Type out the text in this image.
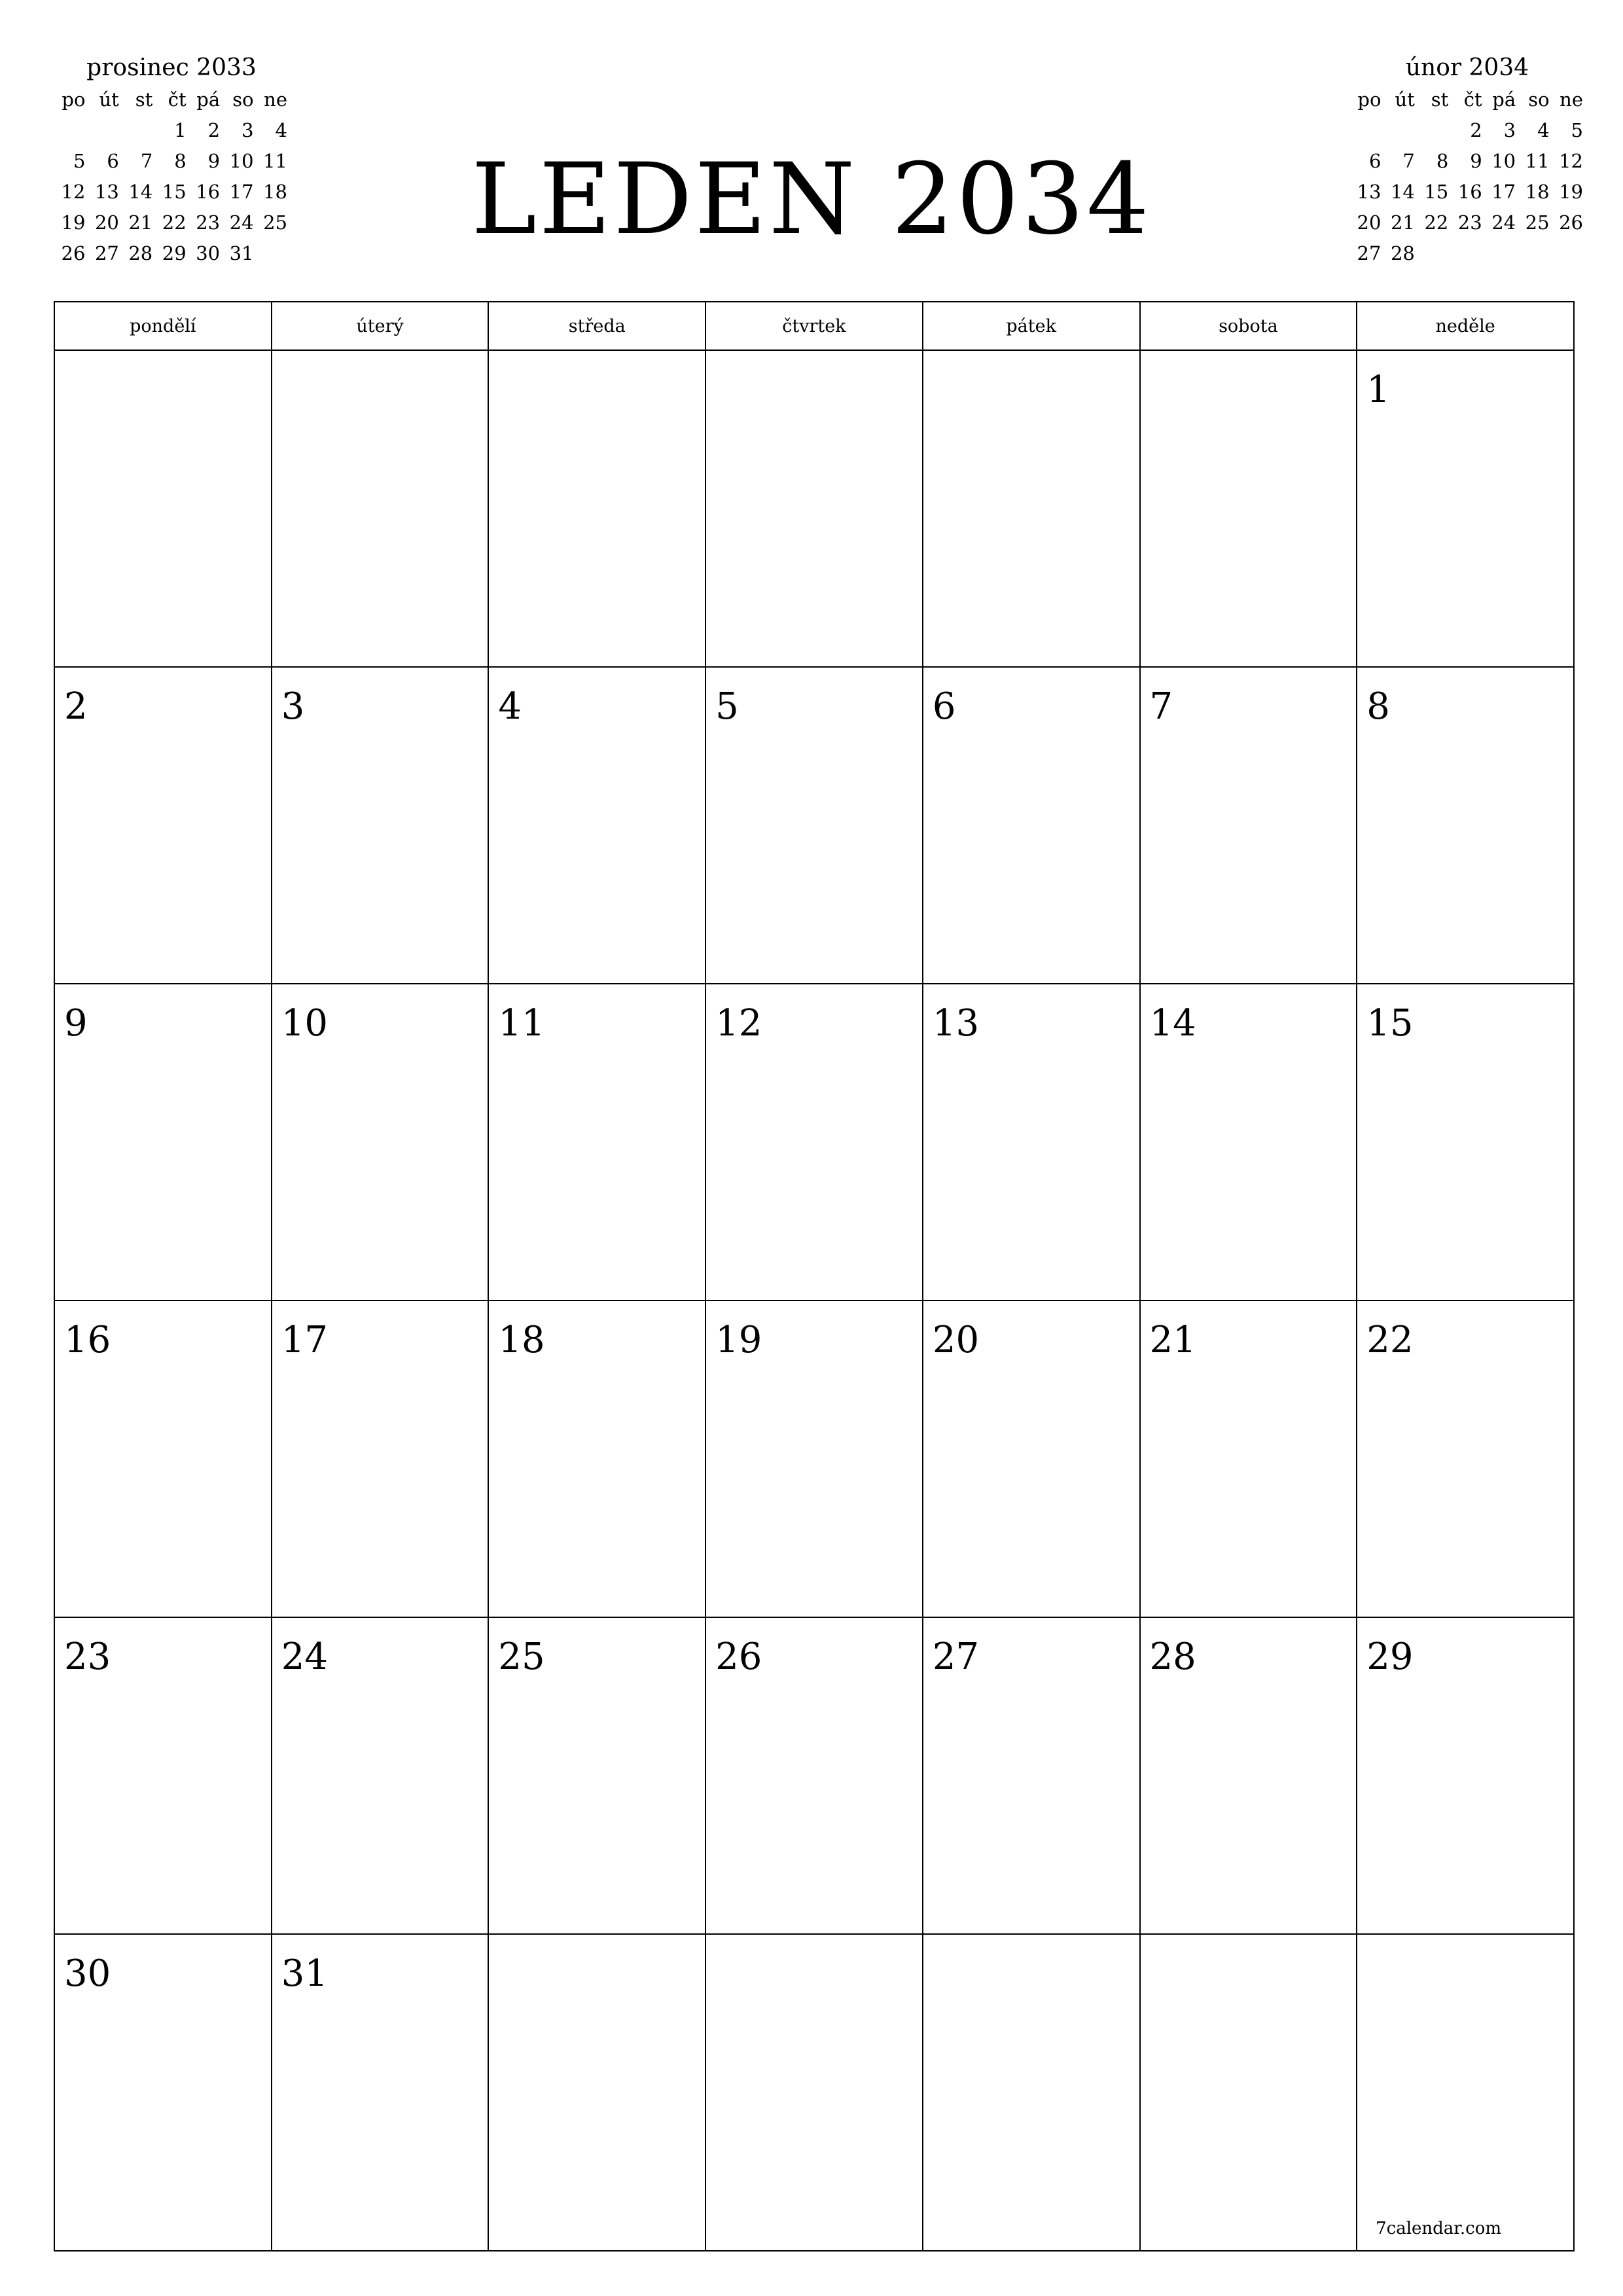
prosinec 2033
po	út	st	čt	pá	so	ne
			1	2	3	4
5	6	7	8	9	10	11
12	13	14	15	16	17	18
19	20	21	22	23	24	25
26	27	28	29	30	31		LEDEN 2034
únor 2034
po	út	st	čt	pá	so	ne
			2	3	4	5
6	7	8	9	10	11	12
13	14	15	16	17	18	19
20	21	22	23	24	25	26
27	28					
pondělí	úterý	středa	čtvrtek	pátek	sobota	neděle

						1

2	3	4	5	6	7	8

9	10	11	12	13	14	15

16	17	18	19	20	21	22

23	24	25	26	27	28	29

30	31					7calendar.com
